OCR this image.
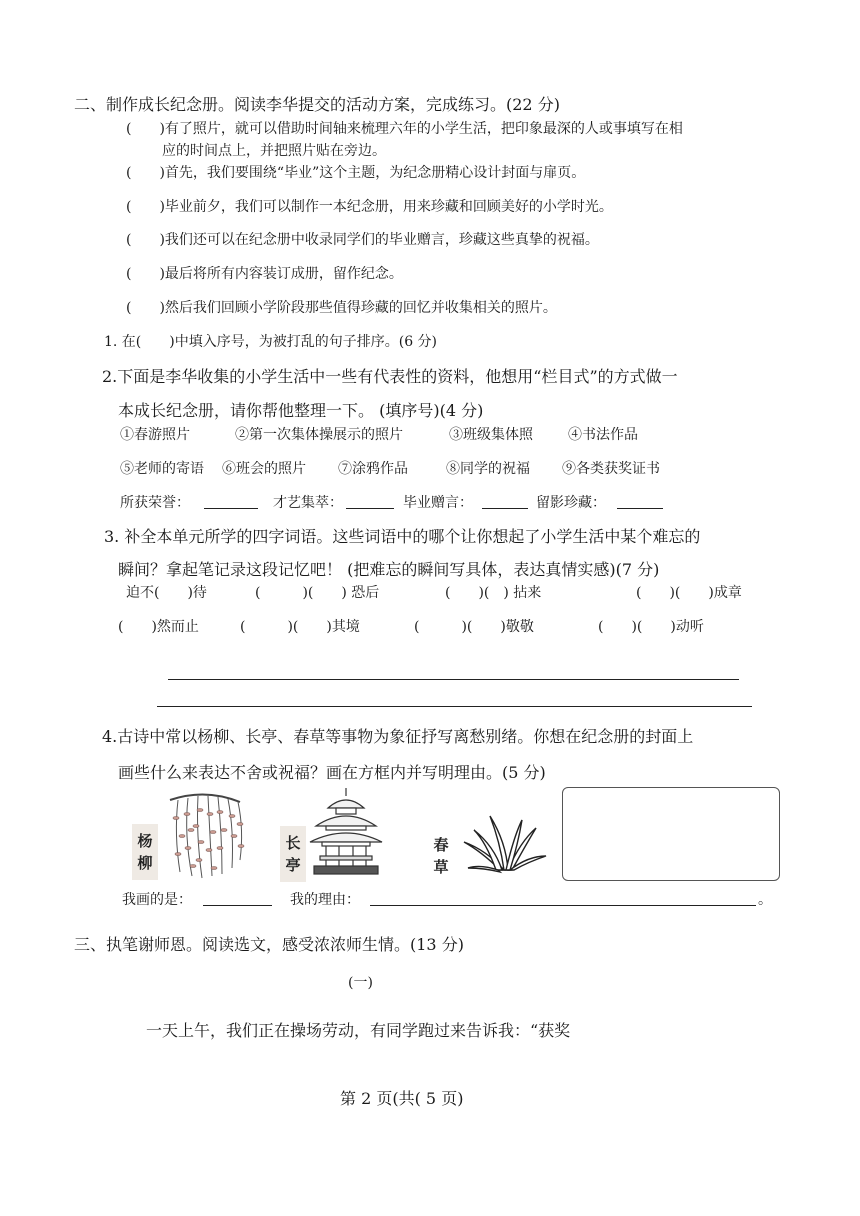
二、制作成长纪念册。阅读李华提交的活动方案，完成练习。(22 分)
(　　)有了照片，就可以借助时间轴来梳理六年的小学生活，把印象最深的人或事填写在相
应的时间点上，并把照片贴在旁边。
(　　)首先，我们要围绕“毕业”这个主题，为纪念册精心设计封面与扉页。
(　　)毕业前夕，我们可以制作一本纪念册，用来珍藏和回顾美好的小学时光。
(　　)我们还可以在纪念册中收录同学们的毕业赠言，珍藏这些真挚的祝福。
(　　)最后将所有内容装订成册，留作纪念。
(　　)然后我们回顾小学阶段那些值得珍藏的回忆并收集相关的照片。
1. 在(　　)中填入序号，为被打乱的句子排序。(6 分)
2.下面是李华收集的小学生活中一些有代表性的资料，他想用“栏目式”的方式做一
本成长纪念册，请你帮他整理一下。 (填序号)(4 分)
①春游照片	②第一次集体操展示的照片	③班级集体照	④书法作品
⑤老师的寄语 ⑥班会的照片 ⑦涂鸦作品	⑧同学的祝福 ⑨各类获奖证书
所获荣誉：	才艺集萃：	毕业赠言：	留影珍藏：
3. 补全本单元所学的四字词语。这些词语中的哪个让你想起了小学生活中某个难忘的
瞬间？拿起笔记录这段记忆吧！ (把难忘的瞬间写具体，表达真情实感)(7 分)
迫不(　　)待	(　　　)(　　) 恐后	(　　)(　) 拈来	(　　)(　　)成章
(　　)然而止	(　　　)(　　)其境	(　　　)(　　)敬敬	(　　)(　　)动听
4.古诗中常以杨柳、长亭、春草等事物为象征抒写离愁别绪。你想在纪念册的封面上
画些什么来表达不舍或祝福？画在方框内并写明理由。(5 分)
杨
柳
长
亭
春
草
我画的是：	我的理由：	。
三、执笔谢师恩。阅读选文，感受浓浓师生情。(13 分)
(一)
一天上午，我们正在操场劳动，有同学跑过来告诉我：“获奖
第 2 页(共( 5 页)
